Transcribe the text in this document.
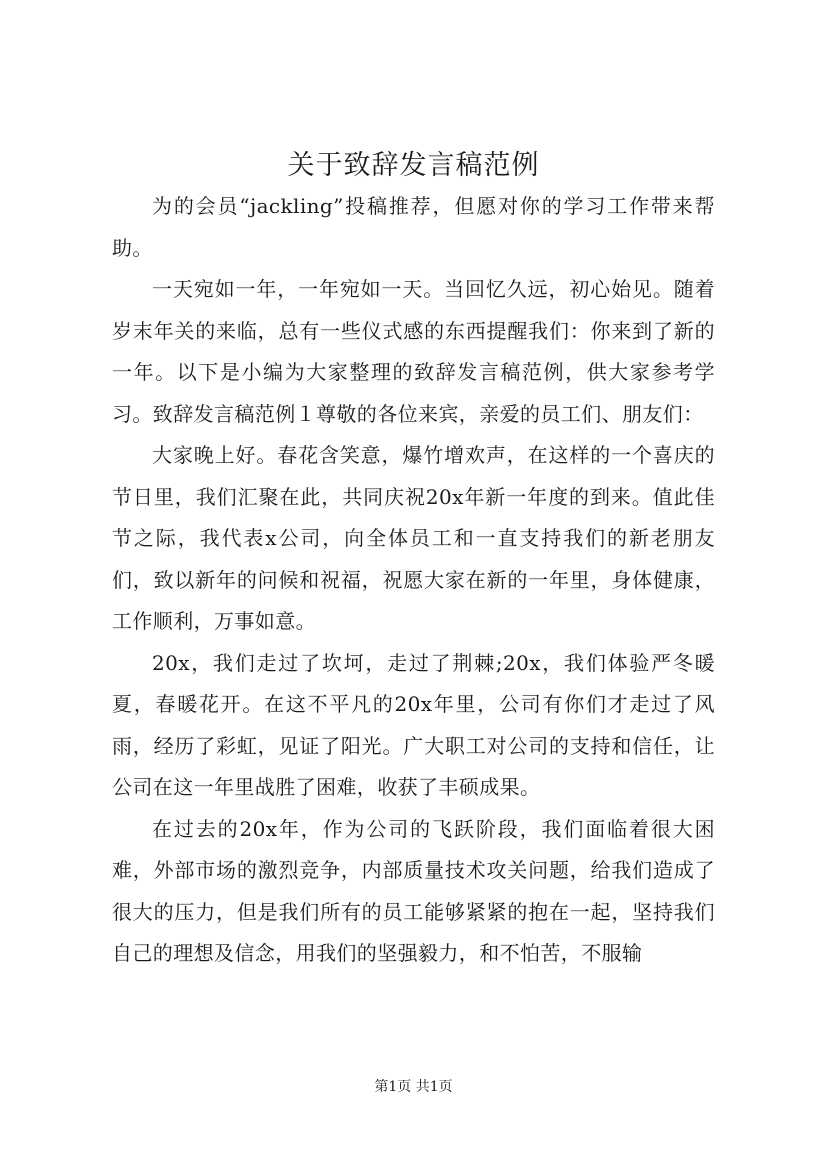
关于致辞发言稿范例

为的会员“jackling”投稿推荐，但愿对你的学习工作带来帮助。

一天宛如一年，一年宛如一天。当回忆久远，初心始见。随着岁末年关的来临，总有一些仪式感的东西提醒我们：你来到了新的一年。以下是小编为大家整理的致辞发言稿范例，供大家参考学习。致辞发言稿范例１尊敬的各位来宾，亲爱的员工们、朋友们：

大家晚上好。春花含笑意，爆竹增欢声，在这样的一个喜庆的节日里，我们汇聚在此，共同庆祝20x年新一年度的到来。值此佳节之际，我代表x公司，向全体员工和一直支持我们的新老朋友们，致以新年的问候和祝福，祝愿大家在新的一年里，身体健康，工作顺利，万事如意。

20x，我们走过了坎坷，走过了荆棘;20x，我们体验严冬暖夏，春暖花开。在这不平凡的20x年里，公司有你们才走过了风雨，经历了彩虹，见证了阳光。广大职工对公司的支持和信任，让公司在这一年里战胜了困难，收获了丰硕成果。

在过去的20x年，作为公司的飞跃阶段，我们面临着很大困难，外部市场的激烈竞争，内部质量技术攻关问题，给我们造成了很大的压力，但是我们所有的员工能够紧紧的抱在一起，坚持我们自己的理想及信念，用我们的坚强毅力，和不怕苦，不服输

第1页 共1页
